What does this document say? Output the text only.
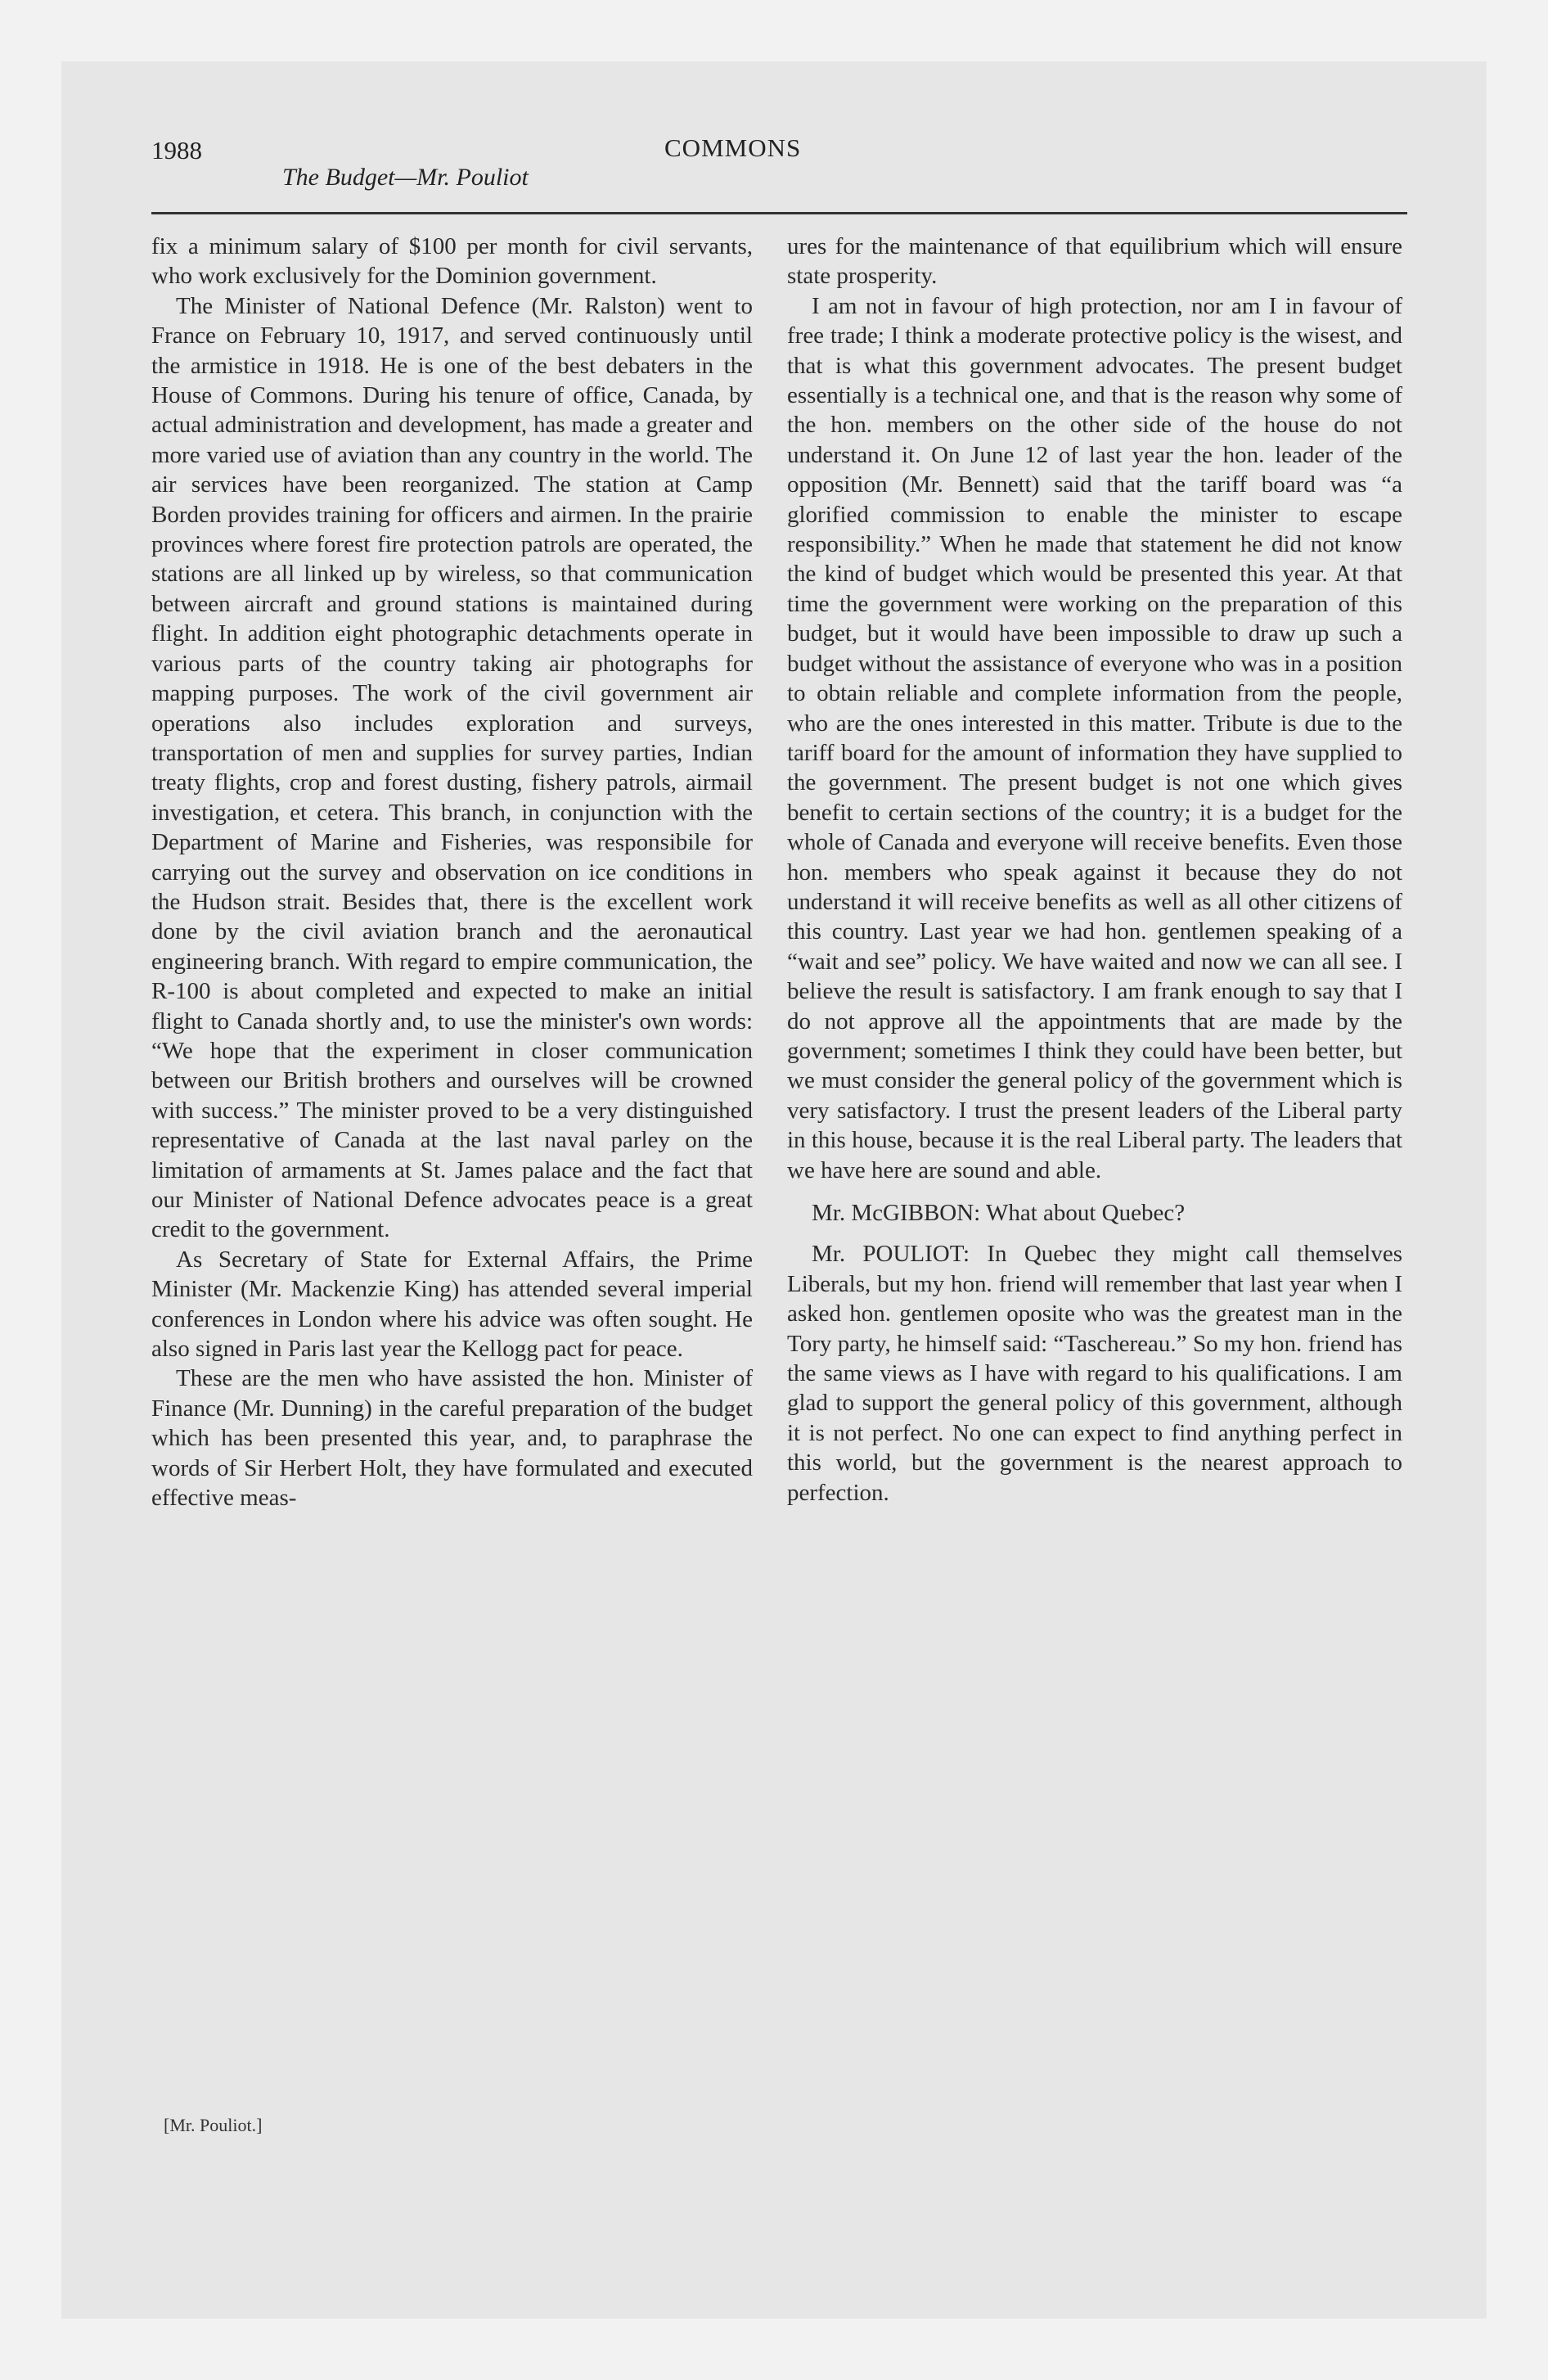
1988
The Budget—Mr. Pouliot
COMMONS

fix a minimum salary of $100 per month for civil servants, who work exclusively for the Dominion government.

The Minister of National Defence (Mr. Ralston) went to France on February 10, 1917, and served continuously until the armistice in 1918. He is one of the best debaters in the House of Commons. During his tenure of office, Canada, by actual administration and development, has made a greater and more varied use of aviation than any country in the world. The air services have been reorganized. The station at Camp Borden provides training for officers and airmen. In the prairie provinces where forest fire protection patrols are operated, the stations are all linked up by wireless, so that communication between aircraft and ground stations is maintained during flight. In addition eight photographic detachments operate in various parts of the country taking air photographs for mapping purposes. The work of the civil government air operations also includes exploration and surveys, transportation of men and supplies for survey parties, Indian treaty flights, crop and forest dusting, fishery patrols, airmail investigation, et cetera. This branch, in conjunction with the Department of Marine and Fisheries, was responsibile for carrying out the survey and observation on ice conditions in the Hudson strait. Besides that, there is the excellent work done by the civil aviation branch and the aeronautical engineering branch. With regard to empire communication, the R-100 is about completed and expected to make an initial flight to Canada shortly and, to use the minister's own words: “We hope that the experiment in closer communication between our British brothers and ourselves will be crowned with success.” The minister proved to be a very distinguished representative of Canada at the last naval parley on the limitation of armaments at St. James palace and the fact that our Minister of National Defence advocates peace is a great credit to the government.

As Secretary of State for External Affairs, the Prime Minister (Mr. Mackenzie King) has attended several imperial conferences in London where his advice was often sought. He also signed in Paris last year the Kellogg pact for peace.

These are the men who have assisted the hon. Minister of Finance (Mr. Dunning) in the careful preparation of the budget which has been presented this year, and, to paraphrase the words of Sir Herbert Holt, they have formulated and executed effective meas-

[Mr. Pouliot.]

ures for the maintenance of that equilibrium which will ensure state prosperity.

I am not in favour of high protection, nor am I in favour of free trade; I think a moderate protective policy is the wisest, and that is what this government advocates. The present budget essentially is a technical one, and that is the reason why some of the hon. members on the other side of the house do not understand it. On June 12 of last year the hon. leader of the opposition (Mr. Bennett) said that the tariff board was “a glorified commission to enable the minister to escape responsibility.” When he made that statement he did not know the kind of budget which would be presented this year. At that time the government were working on the preparation of this budget, but it would have been impossible to draw up such a budget without the assistance of everyone who was in a position to obtain reliable and complete information from the people, who are the ones interested in this matter. Tribute is due to the tariff board for the amount of information they have supplied to the government. The present budget is not one which gives benefit to certain sections of the country; it is a budget for the whole of Canada and everyone will receive benefits. Even those hon. members who speak against it because they do not understand it will receive benefits as well as all other citizens of this country. Last year we had hon. gentlemen speaking of a “wait and see” policy. We have waited and now we can all see. I believe the result is satisfactory. I am frank enough to say that I do not approve all the appointments that are made by the government; sometimes I think they could have been better, but we must consider the general policy of the government which is very satisfactory. I trust the present leaders of the Liberal party in this house, because it is the real Liberal party. The leaders that we have here are sound and able.

Mr. McGIBBON: What about Quebec?

Mr. POULIOT: In Quebec they might call themselves Liberals, but my hon. friend will remember that last year when I asked hon. gentlemen oposite who was the greatest man in the Tory party, he himself said: “Taschereau.” So my hon. friend has the same views as I have with regard to his qualifications. I am glad to support the general policy of this government, although it is not perfect. No one can expect to find anything perfect in this world, but the government is the nearest approach to perfection.
